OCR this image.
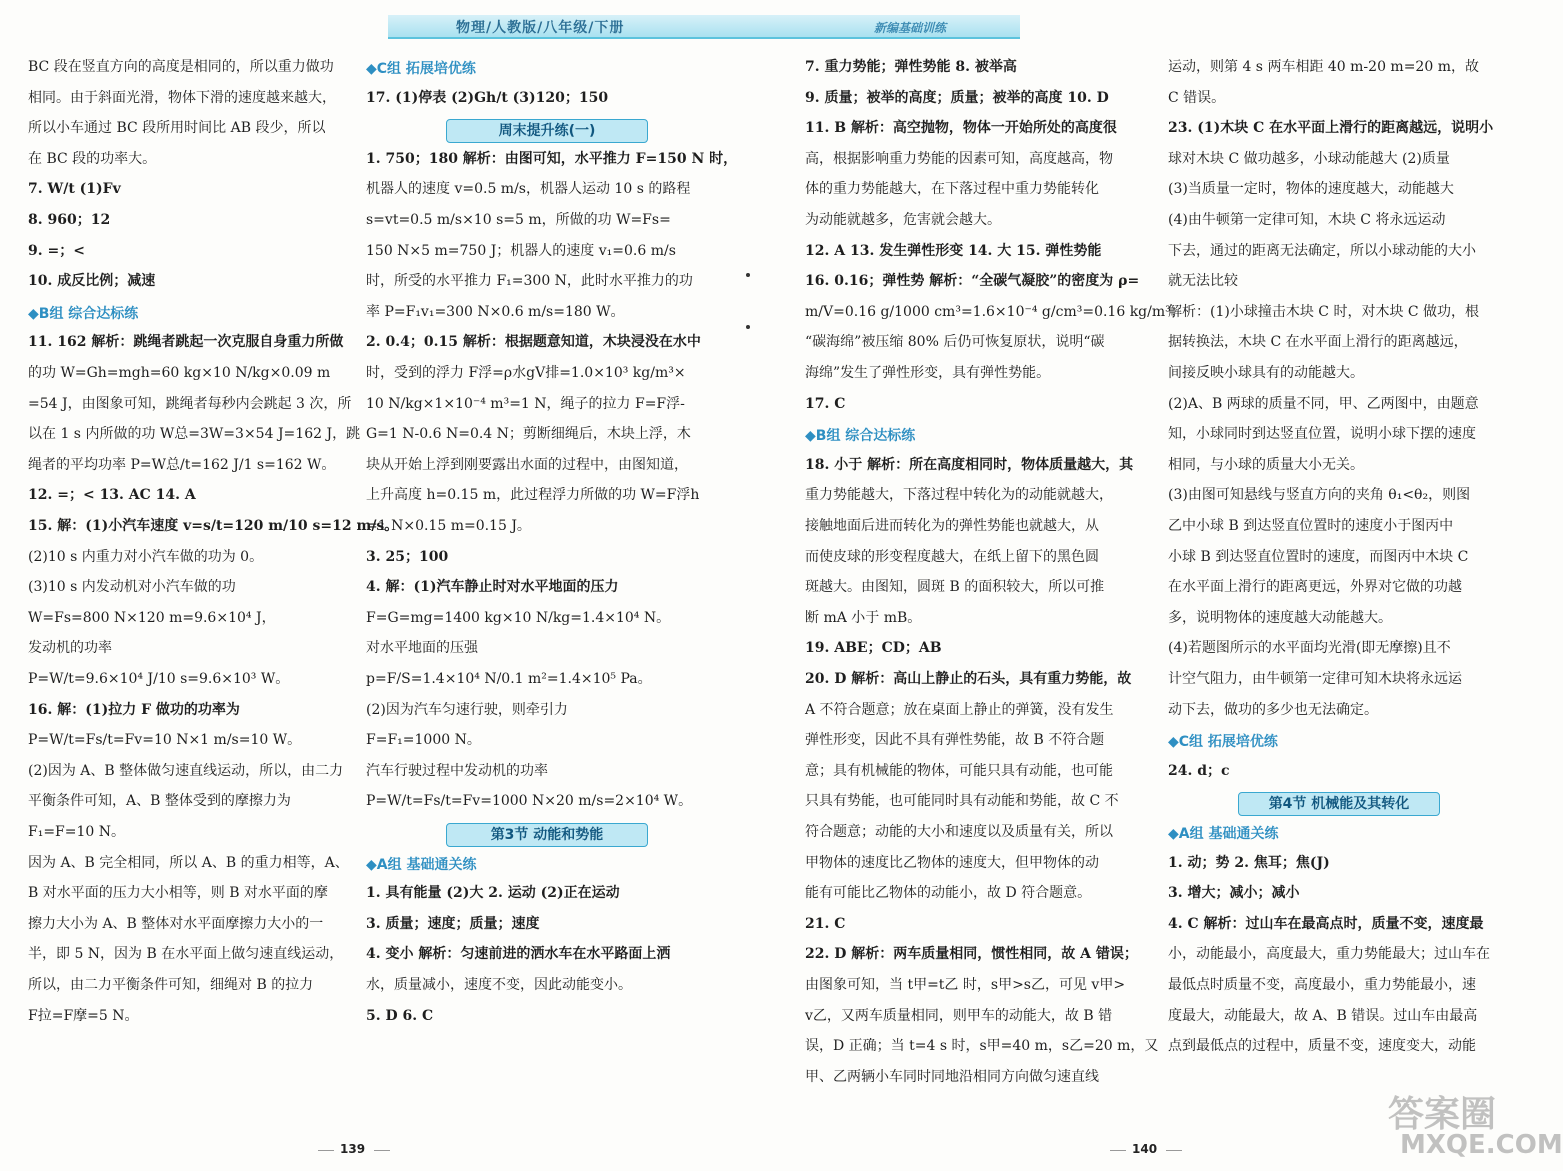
物理/人教版/八年级/下册	新编基础训练
BC 段在竖直方向的高度是相同的，所以重力做功
相同。由于斜面光滑，物体下滑的速度越来越大，
所以小车通过 BC 段所用时间比 AB 段少，所以
在 BC 段的功率大。
7. W/t (1)Fv
8. 960；12
9. =；<
10. 成反比例；减速
◆B组 综合达标练
11. 162 解析：跳绳者跳起一次克服自身重力所做
的功 W=Gh=mgh=60 kg×10 N/kg×0.09 m
=54 J，由图象可知，跳绳者每秒内会跳起 3 次，所
以在 1 s 内所做的功 W总=3W=3×54 J=162 J，跳
绳者的平均功率 P=W总/t=162 J/1 s=162 W。
12. =；< 13. AC 14. A
15. 解：(1)小汽车速度 v=s/t=120 m/10 s=12 m/s。
(2)10 s 内重力对小汽车做的功为 0。
(3)10 s 内发动机对小汽车做的功
W=Fs=800 N×120 m=9.6×10⁴ J，
发动机的功率
P=W/t=9.6×10⁴ J/10 s=9.6×10³ W。
16. 解：(1)拉力 F 做功的功率为
P=W/t=Fs/t=Fv=10 N×1 m/s=10 W。
(2)因为 A、B 整体做匀速直线运动，所以，由二力
平衡条件可知，A、B 整体受到的摩擦力为
F₁=F=10 N。
因为 A、B 完全相同，所以 A、B 的重力相等，A、
B 对水平面的压力大小相等，则 B 对水平面的摩
擦力大小为 A、B 整体对水平面摩擦力大小的一
半，即 5 N，因为 B 在水平面上做匀速直线运动，
所以，由二力平衡条件可知，细绳对 B 的拉力
F拉=F摩=5 N。
◆C组 拓展培优练
17. (1)停表 (2)Gh/t (3)120；150
周末提升练(一)
1. 750；180 解析：由图可知，水平推力 F=150 N 时，
机器人的速度 v=0.5 m/s，机器人运动 10 s 的路程
s=vt=0.5 m/s×10 s=5 m，所做的功 W=Fs=
150 N×5 m=750 J；机器人的速度 v₁=0.6 m/s
时，所受的水平推力 F₁=300 N，此时水平推力的功
率 P=F₁v₁=300 N×0.6 m/s=180 W。
2. 0.4；0.15 解析：根据题意知道，木块浸没在水中
时，受到的浮力 F浮=ρ水gV排=1.0×10³ kg/m³×
10 N/kg×1×10⁻⁴ m³=1 N，绳子的拉力 F=F浮-
G=1 N-0.6 N=0.4 N；剪断细绳后，木块上浮，木
块从开始上浮到刚要露出水面的过程中，由图知道，
上升高度 h=0.15 m，此过程浮力所做的功 W=F浮h
=1 N×0.15 m=0.15 J。
3. 25；100
4. 解：(1)汽车静止时对水平地面的压力
F=G=mg=1400 kg×10 N/kg=1.4×10⁴ N。
对水平地面的压强
p=F/S=1.4×10⁴ N/0.1 m²=1.4×10⁵ Pa。
(2)因为汽车匀速行驶，则牵引力
F=F₁=1000 N。
汽车行驶过程中发动机的功率
P=W/t=Fs/t=Fv=1000 N×20 m/s=2×10⁴ W。
第3节 动能和势能
◆A组 基础通关练
1. 具有能量 (2)大 2. 运动 (2)正在运动
3. 质量；速度；质量；速度
4. 变小 解析：匀速前进的洒水车在水平路面上洒
水，质量减小，速度不变，因此动能变小。
5. D 6. C
7. 重力势能；弹性势能 8. 被举高
9. 质量；被举的高度；质量；被举的高度 10. D
11. B 解析：高空抛物，物体一开始所处的高度很
高，根据影响重力势能的因素可知，高度越高，物
体的重力势能越大，在下落过程中重力势能转化
为动能就越多，危害就会越大。
12. A 13. 发生弹性形变 14. 大 15. 弹性势能
16. 0.16；弹性势 解析：“全碳气凝胶”的密度为 ρ=
m/V=0.16 g/1000 cm³=1.6×10⁻⁴ g/cm³=0.16 kg/m³；
“碳海绵”被压缩 80% 后仍可恢复原状，说明“碳
海绵”发生了弹性形变，具有弹性势能。
17. C
◆B组 综合达标练
18. 小于 解析：所在高度相同时，物体质量越大，其
重力势能越大，下落过程中转化为的动能就越大，
接触地面后进而转化为的弹性势能也就越大，从
而使皮球的形变程度越大，在纸上留下的黑色圆
斑越大。由图知，圆斑 B 的面积较大，所以可推
断 mA 小于 mB。
19. ABE；CD；AB
20. D 解析：高山上静止的石头，具有重力势能，故
A 不符合题意；放在桌面上静止的弹簧，没有发生
弹性形变，因此不具有弹性势能，故 B 不符合题
意；具有机械能的物体，可能只具有动能，也可能
只具有势能，也可能同时具有动能和势能，故 C 不
符合题意；动能的大小和速度以及质量有关，所以
甲物体的速度比乙物体的速度大，但甲物体的动
能有可能比乙物体的动能小，故 D 符合题意。
21. C
22. D 解析：两车质量相同，惯性相同，故 A 错误；
由图象可知，当 t甲=t乙 时，s甲>s乙，可见 v甲>
v乙，又两车质量相同，则甲车的动能大，故 B 错
误，D 正确；当 t=4 s 时，s甲=40 m，s乙=20 m，又
甲、乙两辆小车同时同地沿相同方向做匀速直线
运动，则第 4 s 两车相距 40 m-20 m=20 m，故
C 错误。
23. (1)木块 C 在水平面上滑行的距离越远，说明小
球对木块 C 做功越多，小球动能越大 (2)质量
(3)当质量一定时，物体的速度越大，动能越大
(4)由牛顿第一定律可知，木块 C 将永远运动
下去，通过的距离无法确定，所以小球动能的大小
就无法比较
解析：(1)小球撞击木块 C 时，对木块 C 做功，根
据转换法，木块 C 在水平面上滑行的距离越远，
间接反映小球具有的动能越大。
(2)A、B 两球的质量不同，甲、乙两图中，由题意
知，小球同时到达竖直位置，说明小球下摆的速度
相同，与小球的质量大小无关。
(3)由图可知悬线与竖直方向的夹角 θ₁<θ₂，则图
乙中小球 B 到达竖直位置时的速度小于图丙中
小球 B 到达竖直位置时的速度，而图丙中木块 C
在水平面上滑行的距离更远，外界对它做的功越
多，说明物体的速度越大动能越大。
(4)若题图所示的水平面均光滑(即无摩擦)且不
计空气阻力，由牛顿第一定律可知木块将永远运
动下去，做功的多少也无法确定。
◆C组 拓展培优练
24. d；c
第4节 机械能及其转化
◆A组 基础通关练
1. 动；势 2. 焦耳；焦(J)
3. 增大；减小；减小
4. C 解析：过山车在最高点时，质量不变，速度最
小，动能最小，高度最大，重力势能最大；过山车在
最低点时质量不变，高度最小，重力势能最小，速
度最大，动能最大，故 A、B 错误。过山车由最高
点到最低点的过程中，质量不变，速度变大，动能
139	140
答案圈
MXQE.COM
